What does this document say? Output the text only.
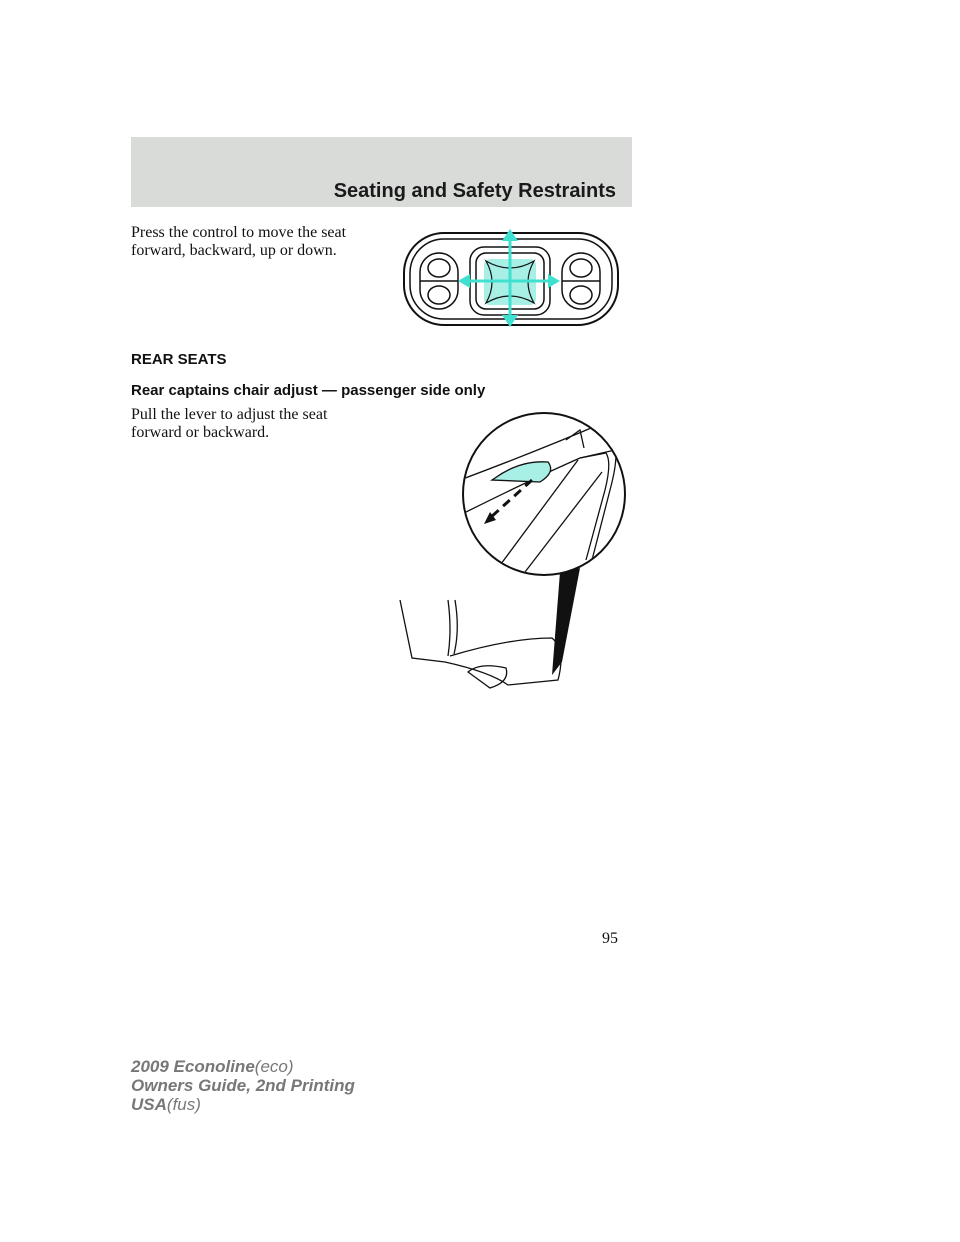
Seating and Safety Restraints

Press the control to move the seat

forward, backward, up or down.

REAR SEATS

Rear captains chair adjust — passenger side only

Pull the lever to adjust the seat

forward or backward.

95
2009 Econoline(eco)
Owners Guide, 2nd Printing
USA(fus)
